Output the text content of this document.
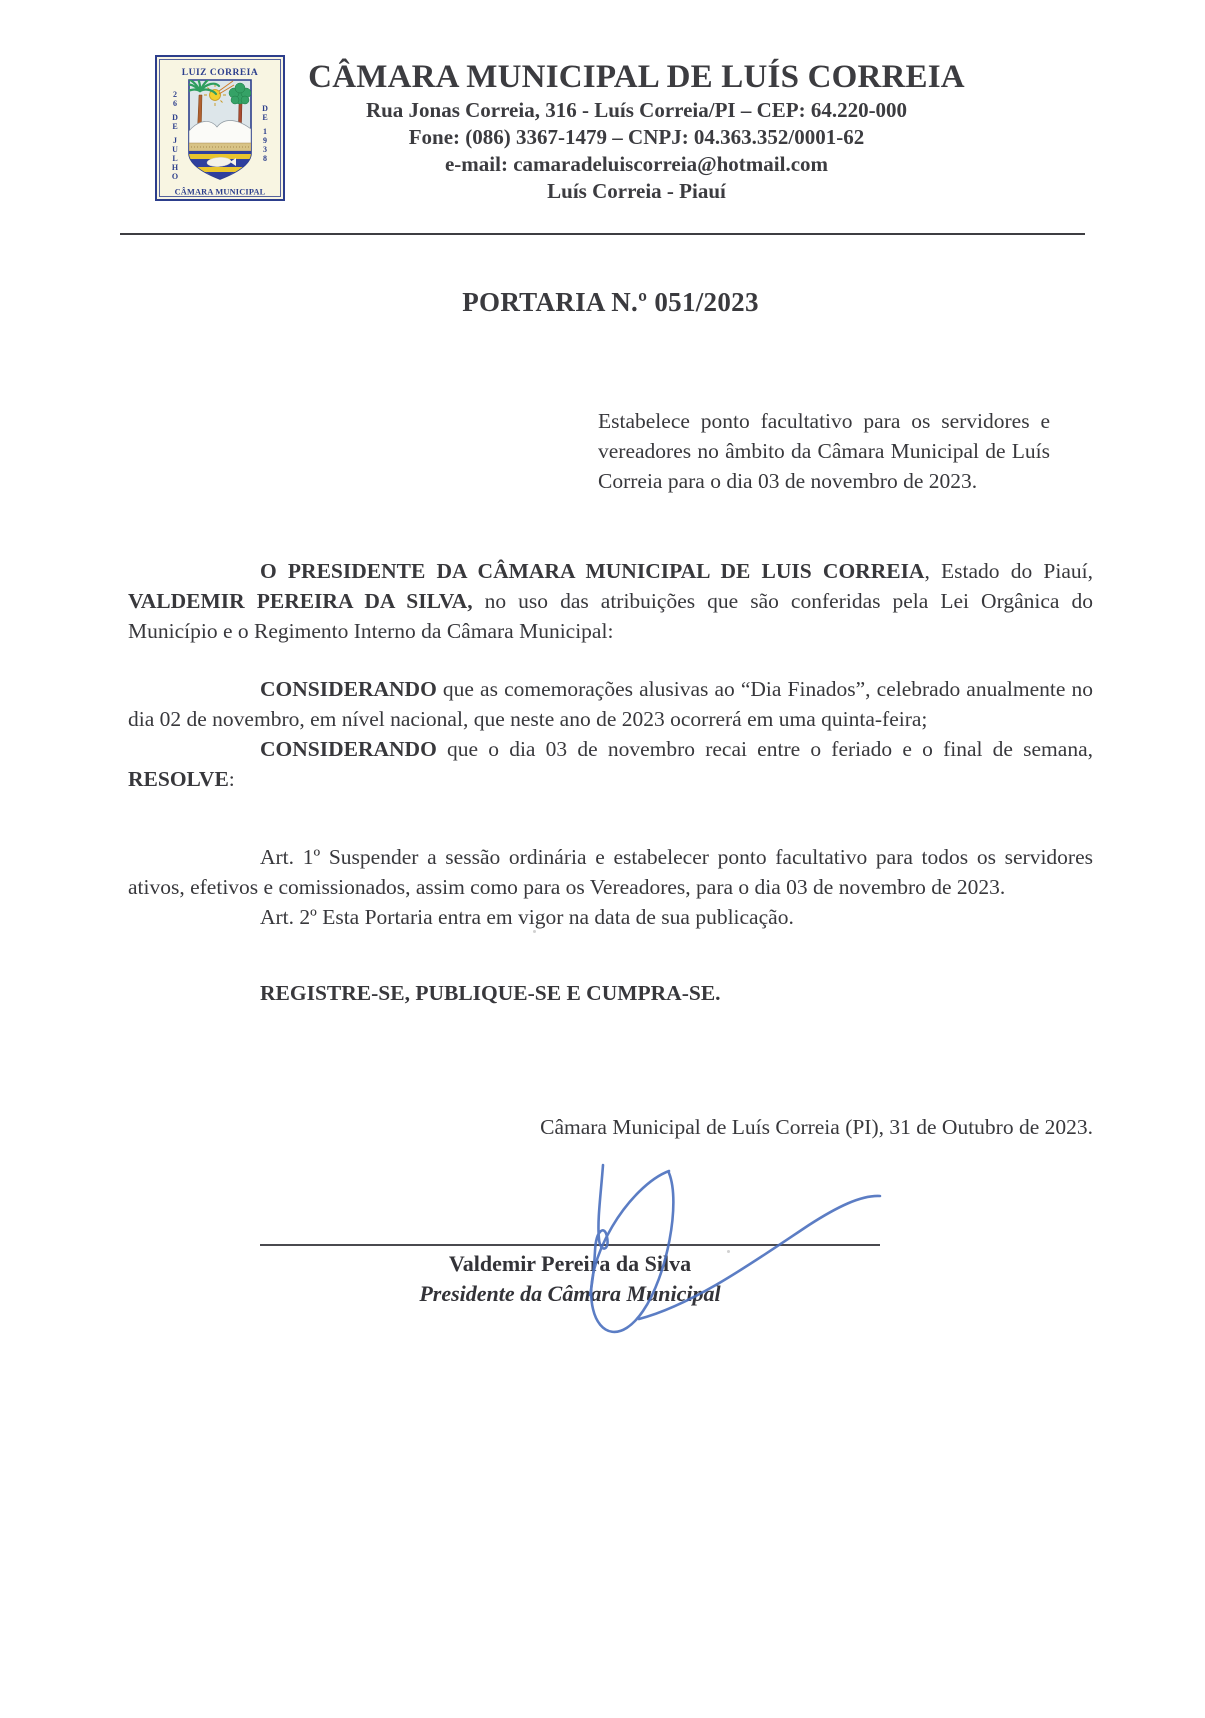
LUIZ CORREIA
2 6 D E J U L H O
D E 1 9 3 8
CÂMARA MUNICIPAL
CÂMARA MUNICIPAL DE LUÍS CORREIA
Rua Jonas Correia, 316 - Luís Correia/PI – CEP: 64.220-000
Fone: (086) 3367-1479 – CNPJ: 04.363.352/0001-62
e-mail: camaradeluiscorreia@hotmail.com
Luís Correia - Piauí
PORTARIA N.º 051/2023

Estabelece ponto facultativo para os servidores e vereadores no âmbito da Câmara Municipal de Luís Correia para o dia 03 de novembro de 2023.

O PRESIDENTE DA CÂMARA MUNICIPAL DE LUIS CORREIA, Estado do Piauí, VALDEMIR PEREIRA DA SILVA, no uso das atribuições que são conferidas pela Lei Orgânica do Município e o Regimento Interno da Câmara Municipal:

CONSIDERANDO que as comemorações alusivas ao “Dia Finados”, celebrado anualmente no dia 02 de novembro, em nível nacional, que neste ano de 2023 ocorrerá em uma quinta-feira;

CONSIDERANDO que o dia 03 de novembro recai entre o feriado e o final de semana, RESOLVE:

Art. 1º Suspender a sessão ordinária e estabelecer ponto facultativo para todos os servidores ativos, efetivos e comissionados, assim como para os Vereadores, para o dia 03 de novembro de 2023.

Art. 2º Esta Portaria entra em vigor na data de sua publicação.

REGISTRE-SE, PUBLIQUE-SE E CUMPRA-SE.

Câmara Municipal de Luís Correia (PI), 31 de Outubro de 2023.

Valdemir Pereira da Silva
Presidente da Câmara Municipal
